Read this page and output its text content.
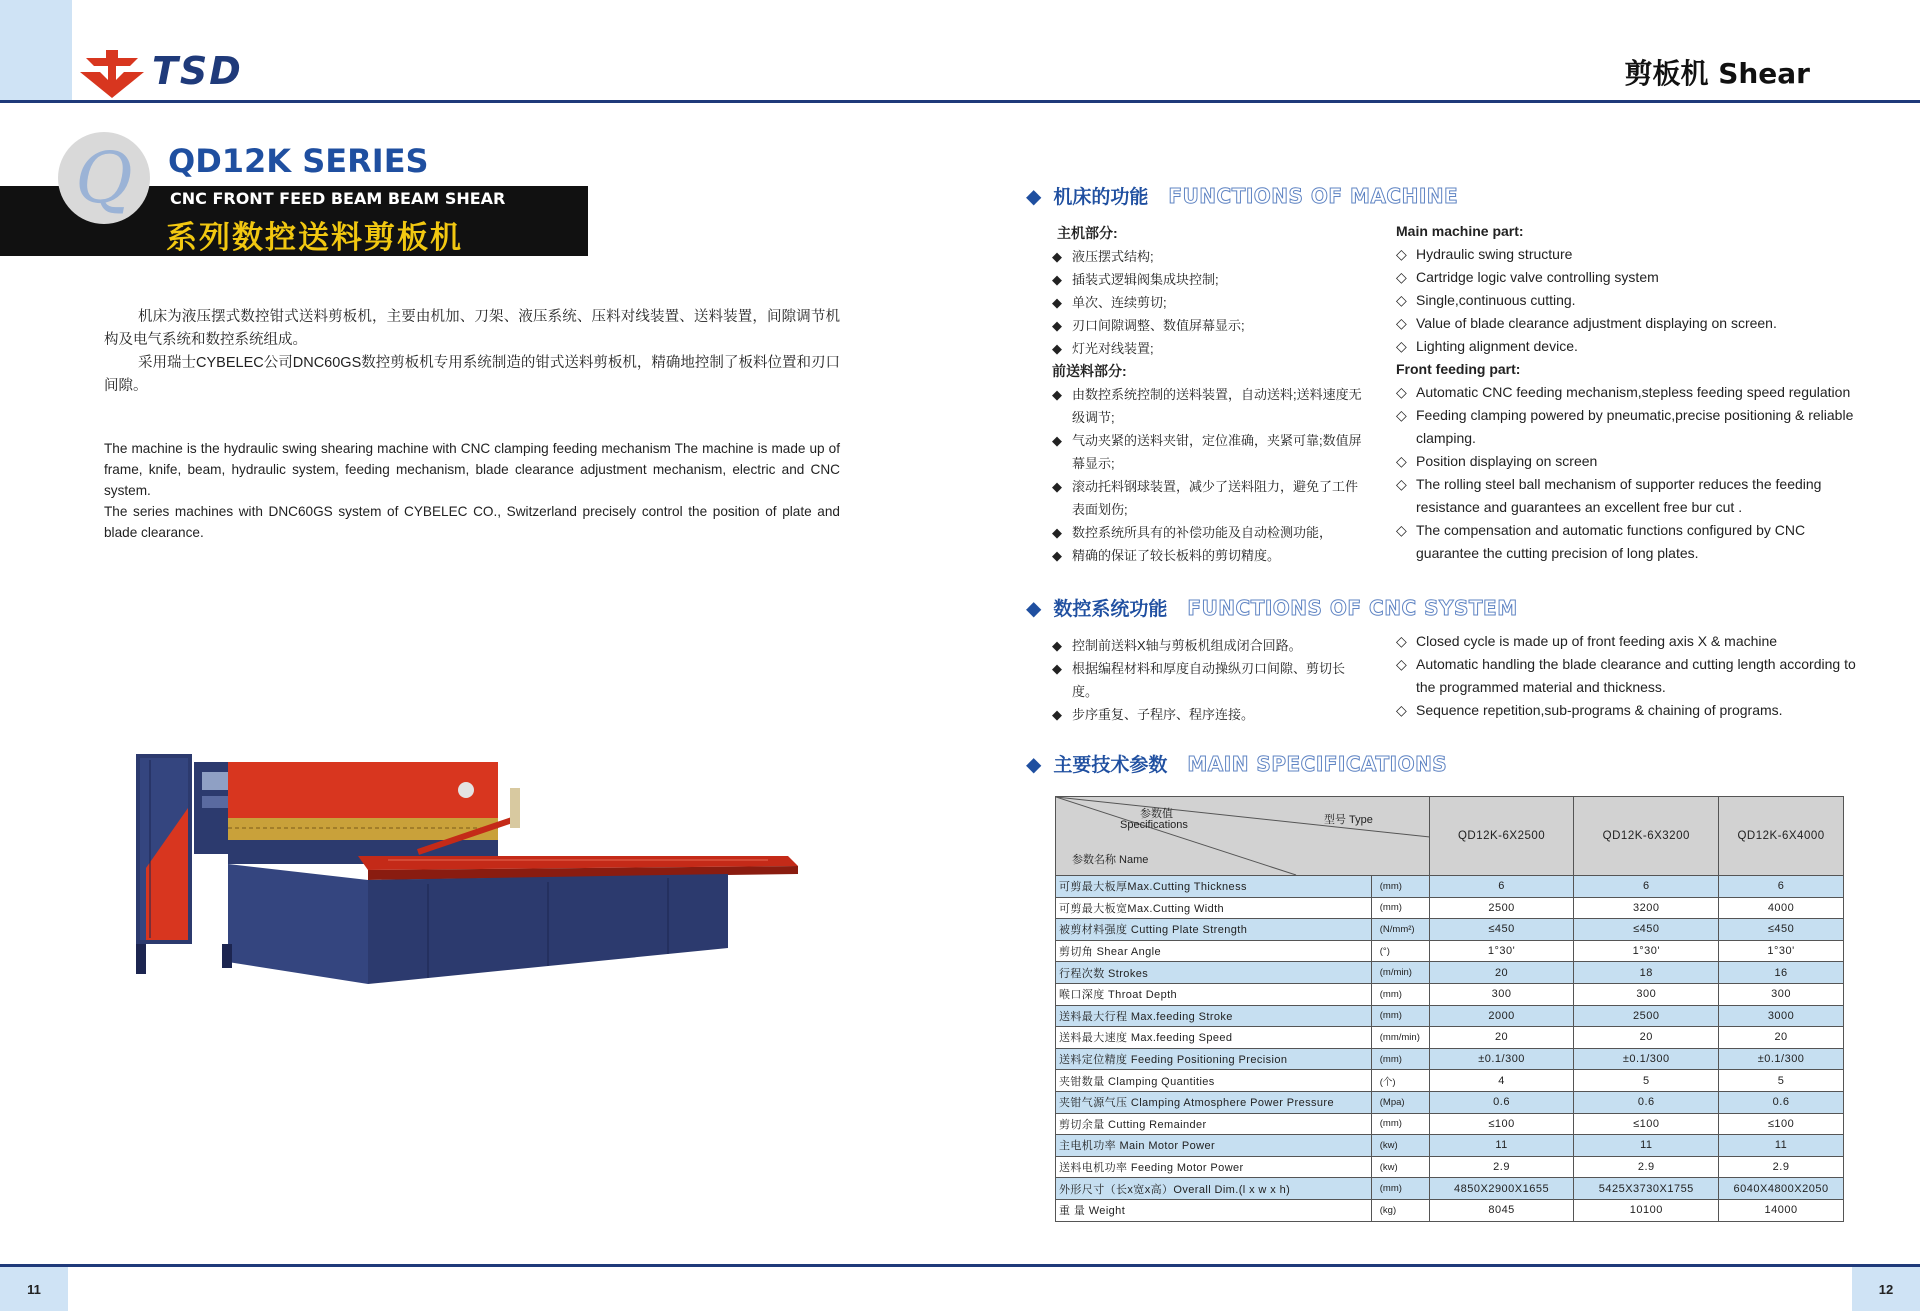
TSD	剪板机 Shear
Q QD12K SERIES
CNC FRONT FEED BEAM BEAM SHEAR
系列数控送料剪板机

机床为液压摆式数控钳式送料剪板机，主要由机加、刀架、液压系统、压料对线装置、送料装置，间隙调节机构及电气系统和数控系统组成。

采用瑞士CYBELEC公司DNC60GS数控剪板机专用系统制造的钳式送料剪板机，精确地控制了板料位置和刃口间隙。

The machine is the hydraulic swing shearing machine with CNC clamping feeding mechanism The machine is made up of frame, knife, beam, hydraulic system, feeding mechanism, blade clearance adjustment mechanism, electric and CNC system.

The series machines with DNC60GS system of CYBELEC CO., Switzerland precisely control the position of plate and blade clearance.

◆ 机床的功能 FUNCTIONS OF MACHINE
主机部分:
◆ 液压摆式结构;
◆ 插装式逻辑阀集成块控制;
◆ 单次、连续剪切;
◆ 刃口间隙调整、数值屏幕显示;
◆ 灯光对线装置;
前送料部分:
◆ 由数控系统控制的送料装置，自动送料;送料速度无级调节;
◆ 气动夹紧的送料夹钳，定位准确，夹紧可靠;数值屏幕显示;
◆ 滚动托料钢球装置，减少了送料阻力，避免了工件表面划伤;
◆ 数控系统所具有的补偿功能及自动检测功能，
◆ 精确的保证了较长板料的剪切精度。
Main machine part:
◇ Hydraulic swing structure
◇ Cartridge logic valve controlling system
◇ Single,continuous cutting.
◇ Value of blade clearance adjustment displaying on screen.
◇ Lighting alignment device.
Front feeding part:
◇ Automatic CNC feeding mechanism,stepless feeding speed regulation
◇ Feeding clamping powered by pneumatic,precise positioning & reliable clamping.
◇ Position displaying on screen
◇ The rolling steel ball mechanism of supporter reduces the feeding resistance and guarantees an excellent free bur cut .
◇ The compensation and automatic functions configured by CNC guarantee the cutting precision of long plates.
◆ 数控系统功能 FUNCTIONS OF CNC SYSTEM
◆ 控制前送料X轴与剪板机组成闭合回路。
◆ 根据编程材料和厚度自动操纵刃口间隙、剪切长度。
◆ 步序重复、子程序、程序连接。
◇ Closed cycle is made up of front feeding axis X & machine
◇ Automatic handling the blade clearance and cutting length according to the programmed material and thickness.
◇ Sequence repetition,sub-programs & chaining of programs.
◆ 主要技术参数 MAIN SPECIFICATIONS
参数值
Specifications 型号 Type
参数名称 Name		QD12K-6X2500	QD12K-6X3200	QD12K-6X4000
可剪最大板厚Max.Cutting Thickness	(mm)	6	6	6
可剪最大板宽Max.Cutting Width	(mm)	2500	3200	4000
被剪材料强度 Cutting Plate Strength	(N/mm²)	≤450	≤450	≤450
剪切角 Shear Angle	(°)	1°30'	1°30'	1°30'
行程次数 Strokes	(m/min)	20	18	16
喉口深度 Throat Depth	(mm)	300	300	300
送料最大行程 Max.feeding Stroke	(mm)	2000	2500	3000
送料最大速度 Max.feeding Speed	(mm/min)	20	20	20
送料定位精度 Feeding Positioning Precision	(mm)	±0.1/300	±0.1/300	±0.1/300
夹钳数量 Clamping Quantities	(个)	4	5	5
夹钳气源气压 Clamping Atmosphere Power Pressure	(Mpa)	0.6	0.6	0.6
剪切余量 Cutting Remainder	(mm)	≤100	≤100	≤100
主电机功率 Main Motor Power	(kw)	11	11	11
送料电机功率 Feeding Motor Power	(kw)	2.9	2.9	2.9
外形尺寸（长x宽x高）Overall Dim.(l x w x h)	(mm)	4850X2900X1655	5425X3730X1755	6040X4800X2050
重 量 Weight	(kg)	8045	10100	14000
11	12
